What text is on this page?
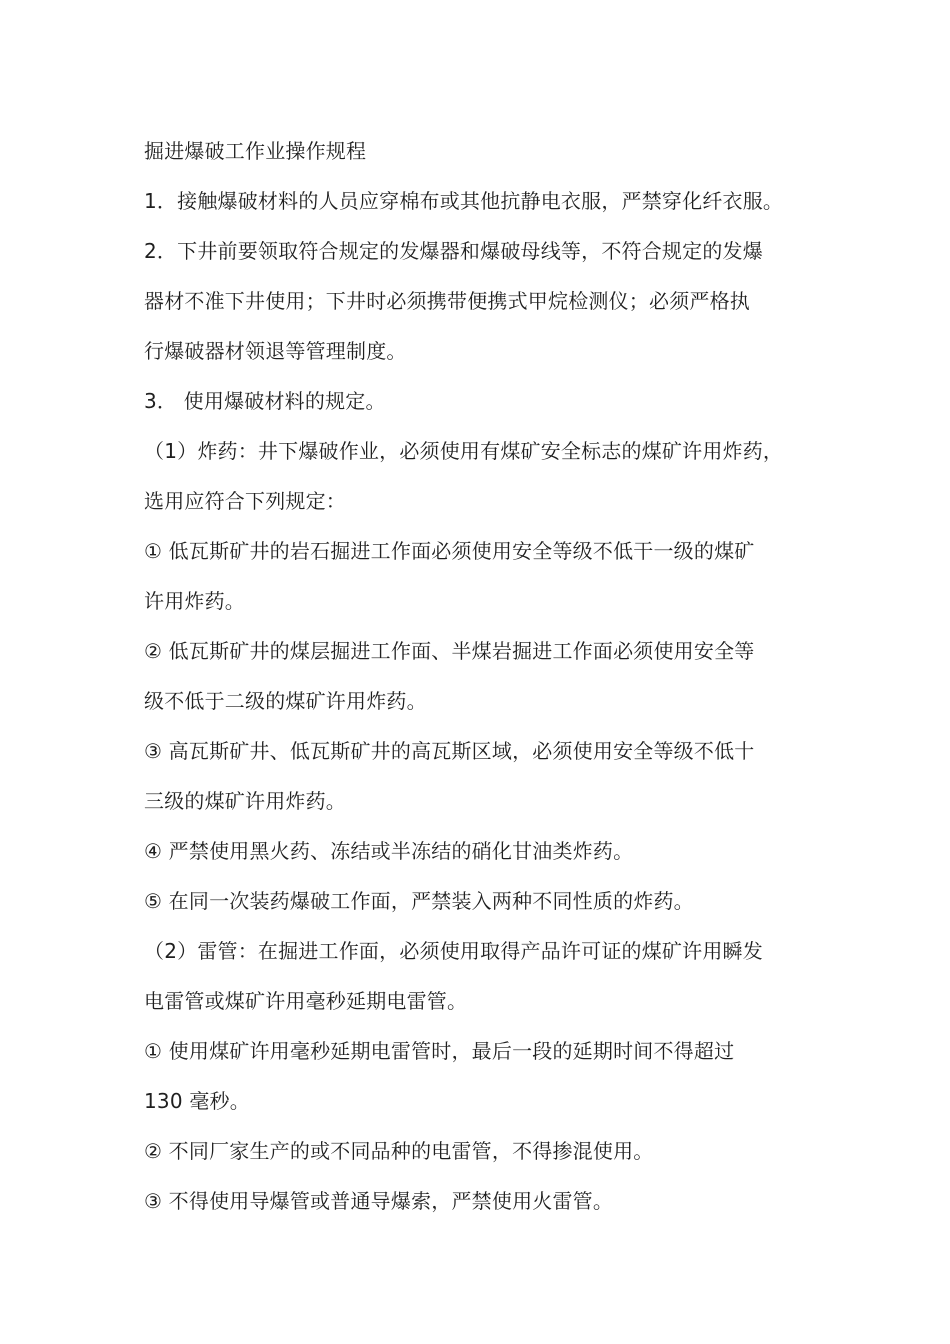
掘进爆破工作业操作规程
1．接触爆破材料的人员应穿棉布或其他抗静电衣服，严禁穿化纤衣服。
2．下井前要领取符合规定的发爆器和爆破母线等，不符合规定的发爆
器材不准下井使用；下井时必须携带便携式甲烷检测仪；必须严格执
行爆破器材领退等管理制度。
3． 使用爆破材料的规定。
（1）炸药：井下爆破作业，必须使用有煤矿安全标志的煤矿许用炸药，
选用应符合下列规定：
① 低瓦斯矿井的岩石掘进工作面必须使用安全等级不低干一级的煤矿
许用炸药。
② 低瓦斯矿井的煤层掘进工作面、半煤岩掘进工作面必须使用安全等
级不低于二级的煤矿许用炸药。
③ 高瓦斯矿井、低瓦斯矿井的高瓦斯区域，必须使用安全等级不低十
三级的煤矿许用炸药。
④ 严禁使用黑火药、冻结或半冻结的硝化甘油类炸药。
⑤ 在同一次装药爆破工作面，严禁装入两种不同性质的炸药。
（2）雷管：在掘进工作面，必须使用取得产品许可证的煤矿许用瞬发
电雷管或煤矿许用毫秒延期电雷管。
① 使用煤矿许用毫秒延期电雷管时，最后一段的延期时间不得超过
130 毫秒。
② 不同厂家生产的或不同品种的电雷管，不得掺混使用。
③ 不得使用导爆管或普通导爆索，严禁使用火雷管。
